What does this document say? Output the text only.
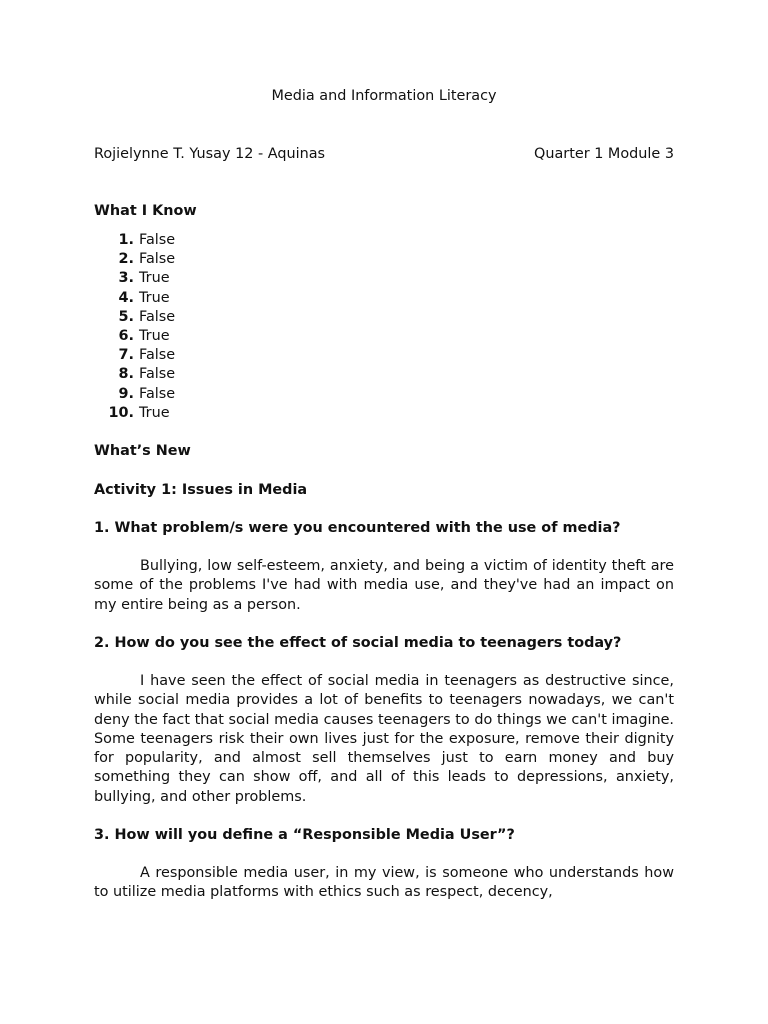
Media and Information Literacy
Rojielynne T. Yusay 12 - Aquinas	Quarter 1 Module 3
What I Know
1. False
2. False
3. True
4. True
5. False
6. True
7. False
8. False
9. False
10. True
What’s New
Activity 1: Issues in Media
1. What problem/s were you encountered with the use of media?

Bullying, low self-esteem, anxiety, and being a victim of identity theft are some of the problems I've had with media use, and they've had an impact on my entire being as a person.

2. How do you see the effect of social media to teenagers today?

I have seen the effect of social media in teenagers as destructive since, while social media provides a lot of benefits to teenagers nowadays, we can't deny the fact that social media causes teenagers to do things we can't imagine. Some teenagers risk their own lives just for the exposure, remove their dignity for popularity, and almost sell themselves just to earn money and buy something they can show off, and all of this leads to depressions, anxiety, bullying, and other problems.

3. How will you define a “Responsible Media User”?

A responsible media user, in my view, is someone who understands how to utilize media platforms with ethics such as respect, decency,
